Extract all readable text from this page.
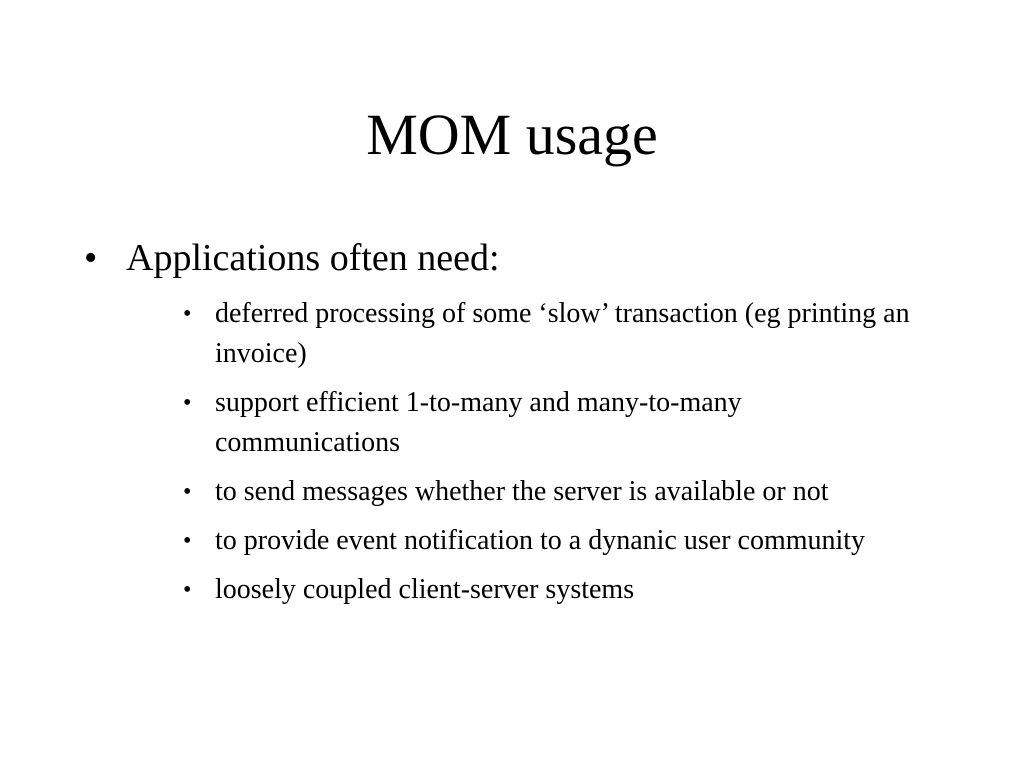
MOM usage
• Applications often need:
• deferred processing of some ‘slow’ transaction (eg printing an invoice)
• support efficient 1-to-many and many-to-many communications
• to send messages whether the server is available or not
• to provide event notification to a dynanic user community
• loosely coupled client-server systems
